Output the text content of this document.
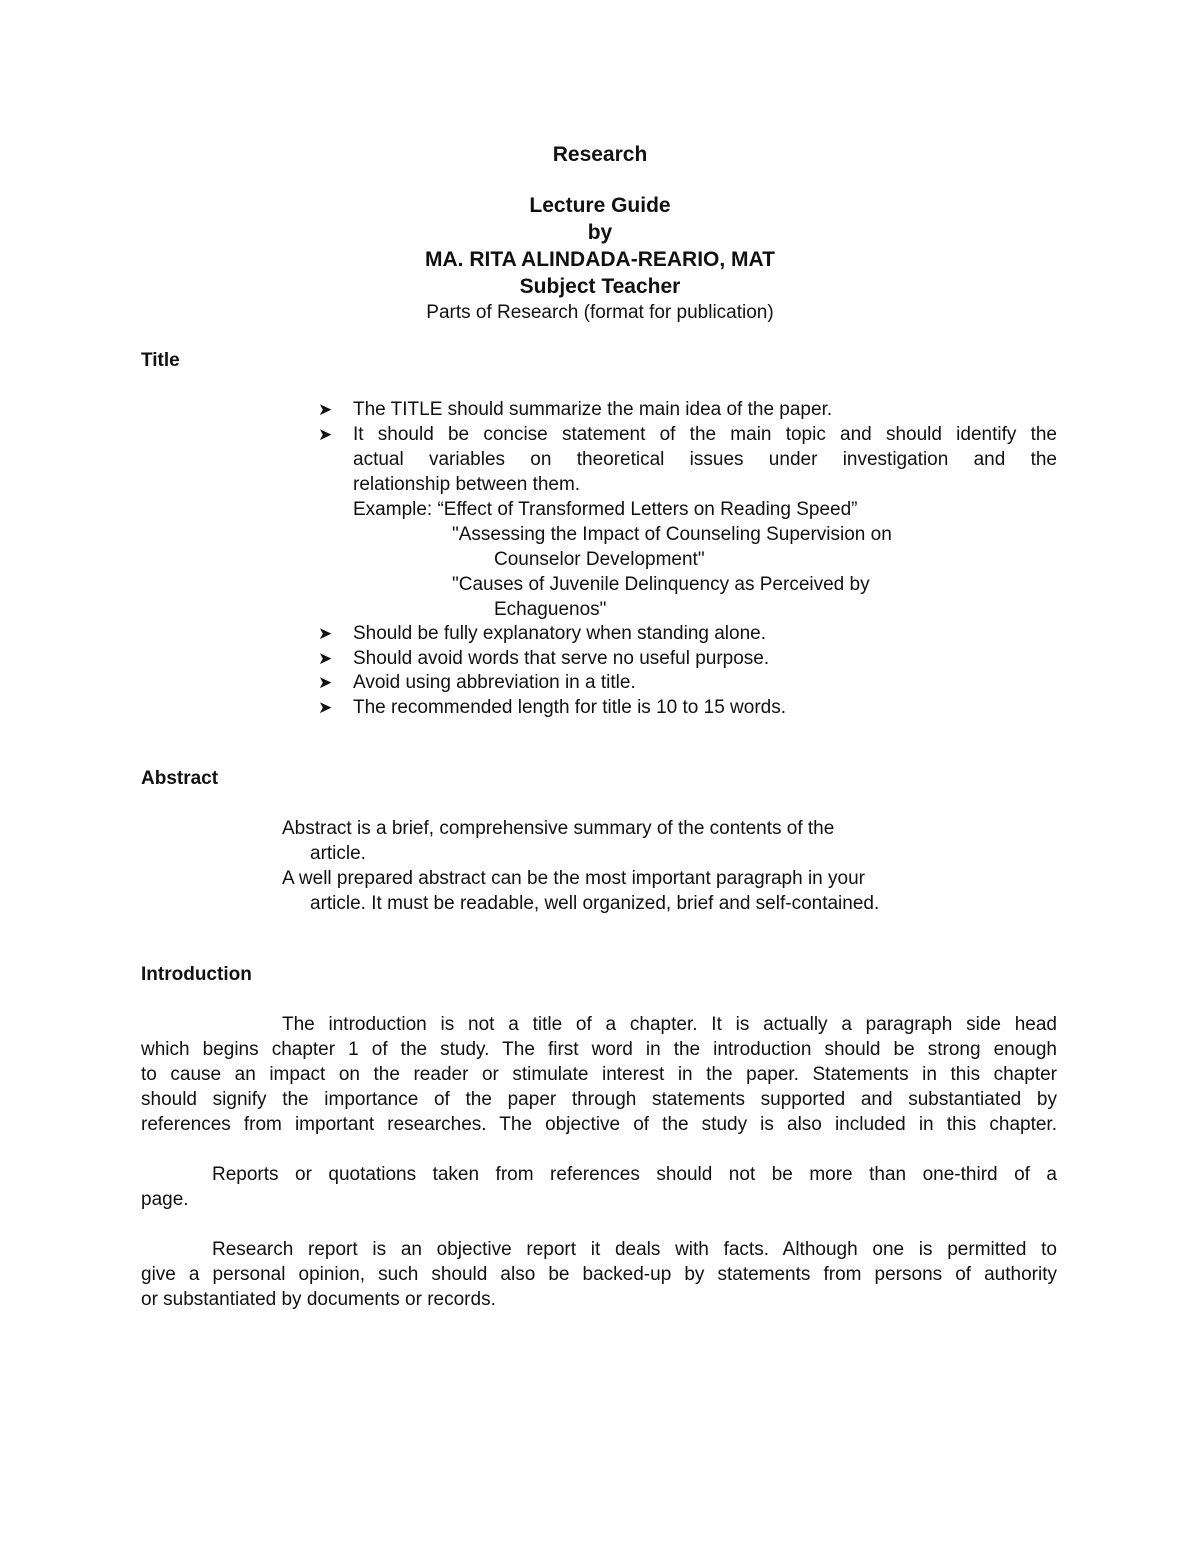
Research
Lecture Guide
by
MA. RITA ALINDADA-REARIO, MAT
Subject Teacher
Parts of Research (format for publication)
Title
➤	The TITLE should summarize the main idea of the paper.
➤	It should be concise statement of the main topic and should identify the
actual variables on theoretical issues under investigation and the
relationship between them.
Example: “Effect of Transformed Letters on Reading Speed”
"Assessing the Impact of Counseling Supervision on
Counselor Development"
"Causes of Juvenile Delinquency as Perceived by
Echaguenos"
➤	Should be fully explanatory when standing alone.
➤	Should avoid words that serve no useful purpose.
➤	Avoid using abbreviation in a title.
➤	The recommended length for title is 10 to 15 words.
Abstract
Abstract is a brief, comprehensive summary of the contents of the
article.
A well prepared abstract can be the most important paragraph in your
article. It must be readable, well organized, brief and self-contained.
Introduction
The introduction is not a title of a chapter. It is actually a paragraph side head
which begins chapter 1 of the study. The first word in the introduction should be strong enough
to cause an impact on the reader or stimulate interest in the paper. Statements in this chapter
should signify the importance of the paper through statements supported and substantiated by
references from important researches. The objective of the study is also included in this chapter.
Reports or quotations taken from references should not be more than one-third of a
page.
Research report is an objective report it deals with facts. Although one is permitted to
give a personal opinion, such should also be backed-up by statements from persons of authority
or substantiated by documents or records.
